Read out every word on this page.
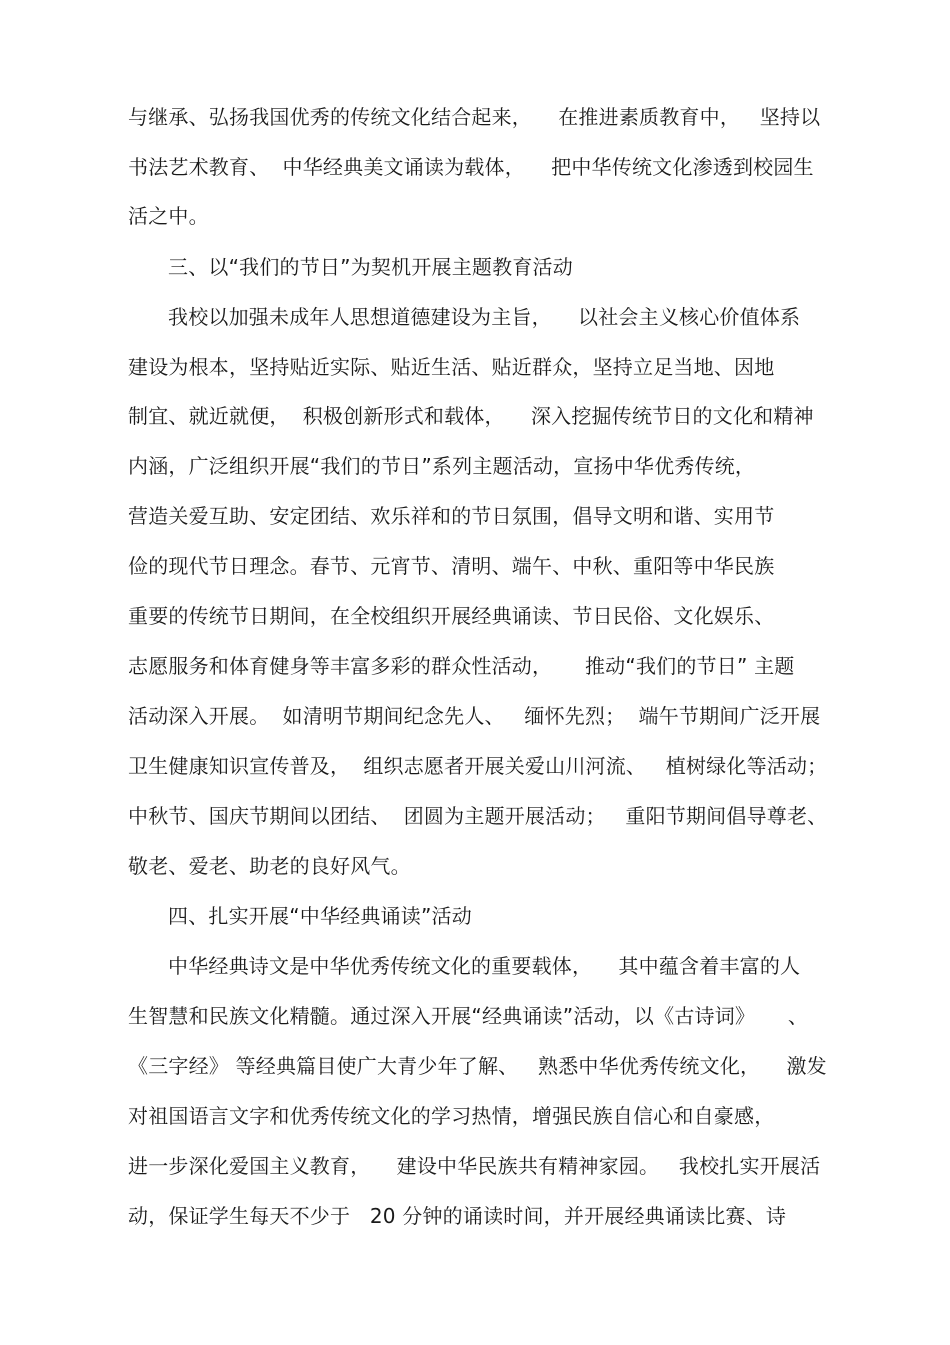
与继承、弘扬我国优秀的传统文化结合起来，    在推进素质教育中，   坚持以
书法艺术教育、  中华经典美文诵读为载体，    把中华传统文化渗透到校园生
活之中。
三、以“我们的节日”为契机开展主题教育活动
我校以加强未成年人思想道德建设为主旨，    以社会主义核心价值体系
建设为根本，坚持贴近实际、贴近生活、贴近群众，坚持立足当地、因地
制宜、就近就便，  积极创新形式和载体，    深入挖掘传统节日的文化和精神
内涵，广泛组织开展“我们的节日”系列主题活动，宣扬中华优秀传统，
营造关爱互助、安定团结、欢乐祥和的节日氛围，倡导文明和谐、实用节
俭的现代节日理念。春节、元宵节、清明、端午、中秋、重阳等中华民族
重要的传统节日期间，在全校组织开展经典诵读、节日民俗、文化娱乐、
志愿服务和体育健身等丰富多彩的群众性活动，     推动“我们的节日” 主题
活动深入开展。  如清明节期间纪念先人、   缅怀先烈；  端午节期间广泛开展
卫生健康知识宣传普及，  组织志愿者开展关爱山川河流、   植树绿化等活动；
中秋节、国庆节期间以团结、  团圆为主题开展活动；   重阳节期间倡导尊老、
敬老、爱老、助老的良好风气。
四、扎实开展“中华经典诵读”活动
中华经典诗文是中华优秀传统文化的重要载体，    其中蕴含着丰富的人
生智慧和民族文化精髓。通过深入开展“经典诵读”活动，以《古诗词》     、
《三字经》 等经典篇目使广大青少年了解、   熟悉中华优秀传统文化，    激发
对祖国语言文字和优秀传统文化的学习热情，增强民族自信心和自豪感，
进一步深化爱国主义教育，    建设中华民族共有精神家园。   我校扎实开展活
动，保证学生每天不少于   20 分钟的诵读时间，并开展经典诵读比赛、诗
